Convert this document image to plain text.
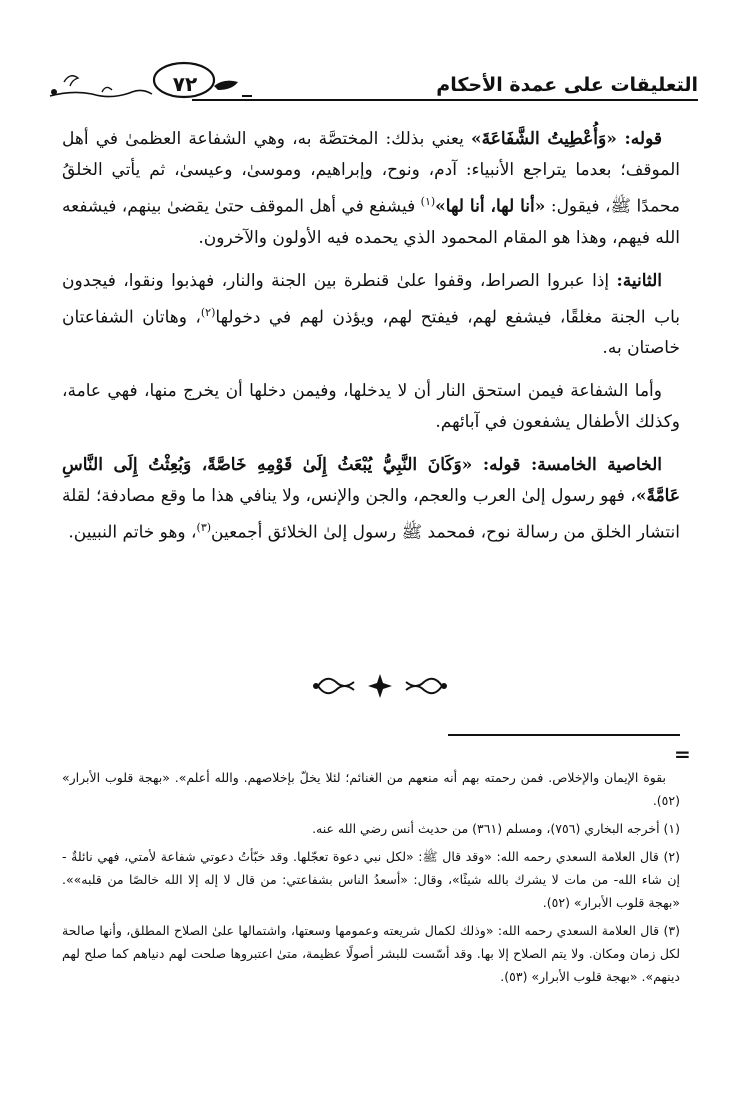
٧٢	التعليقات على عمدة الأحكام

قوله: «وَأُعْطِيتُ الشَّفَاعَةَ» يعني بذلك: المختصَّة به، وهي الشفاعة العظمىٰ في أهل الموقف؛ بعدما يتراجع الأنبياء: آدم، ونوح، وإبراهيم، وموسىٰ، وعيسىٰ، ثم يأتي الخلقُ محمدًا ﷺ، فيقول: «أنا لها، أنا لها»$^{(١)}$ فيشفع في أهل الموقف حتىٰ يقضىٰ بينهم، فيشفعه الله فيهم، وهذا هو المقام المحمود الذي يحمده فيه الأولون والآخرون.

الثانية: إذا عبروا الصراط، وقفوا علىٰ قنطرة بين الجنة والنار، فهذبوا ونقوا، فيجدون باب الجنة مغلقًا، فيشفع لهم، فيفتح لهم، ويؤذن لهم في دخولها$^{(٢)}$، وهاتان الشفاعتان خاصتان به.

وأما الشفاعة فيمن استحق النار أن لا يدخلها، وفيمن دخلها أن يخرج منها، فهي عامة، وكذلك الأطفال يشفعون في آبائهم.

الخاصية الخامسة: قوله: «وَكَانَ النَّبِيُّ يُبْعَثُ إِلَىٰ قَوْمِهِ خَاصَّةً، وَبُعِثْتُ إِلَى النَّاسِ عَامَّةً»، فهو رسول إلىٰ العرب والعجم، والجن والإنس، ولا ينافي هذا ما وقع مصادفة؛ لقلة انتشار الخلق من رسالة نوح، فمحمد ﷺ رسول إلىٰ الخلائق أجمعين$^{(٣)}$، وهو خاتم النبيين.

=

بقوة الإيمان والإخلاص. فمن رحمته بهم أنه منعهم من الغنائم؛ لئلا يخلّ بإخلاصهم. والله أعلم». «بهجة قلوب الأبرار» (٥٢).

(١) أخرجه البخاري (٧٥٦)، ومسلم (٣٦١) من حديث أنس رضي الله عنه.

(٢) قال العلامة السعدي رحمه الله: «وقد قال ﷺ: «لكل نبي دعوة تعجّلها. وقد خبّأتُ دعوتي شفاعة لأمتي، فهي نائلةٌ - إن شاء الله- من مات لا يشرك بالله شيئًا»، وقال: «أسعدُ الناس بشفاعتي: من قال لا إله إلا الله خالصًا من قلبه»». «بهجة قلوب الأبرار» (٥٢).

(٣) قال العلامة السعدي رحمه الله: «وذلك لكمال شريعته وعمومها وسعتها، واشتمالها علىٰ الصلاح المطلق، وأنها صالحة لكل زمان ومكان. ولا يتم الصلاح إلا بها. وقد أسّست للبشر أصولًا عظيمة، متىٰ اعتبروها صلحت لهم دنياهم كما صلح لهم دينهم». «بهجة قلوب الأبرار» (٥٣).
